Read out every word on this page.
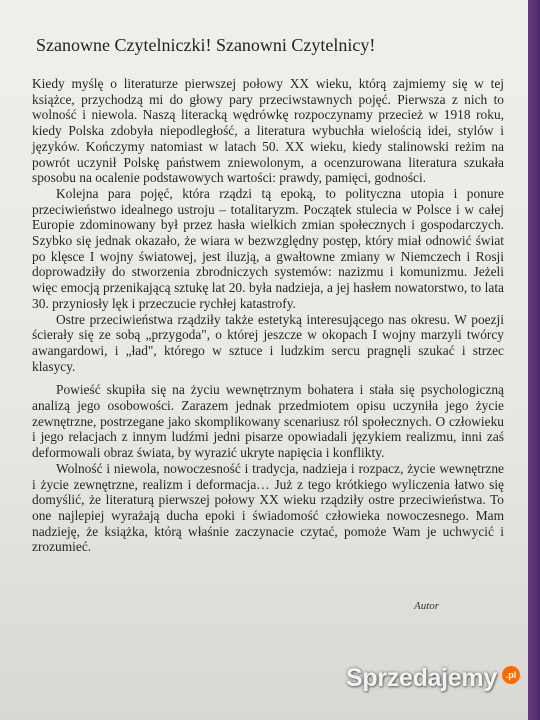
Szanowne Czytelniczki! Szanowni Czytelnicy!

Kiedy myślę o literaturze pierwszej połowy XX wieku, którą zajmiemy się w tej książce, przychodzą mi do głowy pary przeciwstawnych pojęć. Pierwsza z nich to wolność i niewola. Naszą literacką wędrówkę rozpoczynamy przecież w 1918 roku, kiedy Polska zdobyła niepodległość, a literatura wybuchła wielością idei, stylów i języków. Kończymy natomiast w latach 50. XX wieku, kiedy stalinowski reżim na powrót uczynił Polskę państwem zniewolonym, a ocenzurowana literatura szukała sposobu na ocalenie podstawowych wartości: prawdy, pamięci, godności.

Kolejna para pojęć, która rządzi tą epoką, to polityczna utopia i ponure przeciwieństwo idealnego ustroju – totalitaryzm. Początek stulecia w Polsce i w całej Europie zdominowany był przez hasła wielkich zmian społecznych i gospodarczych. Szybko się jednak okazało, że wiara w bezwzględny postęp, który miał odnowić świat po klęsce I wojny światowej, jest iluzją, a gwałtowne zmiany w Niemczech i Rosji doprowadziły do stworzenia zbrodniczych systemów: nazizmu i komunizmu. Jeżeli więc emocją przenikającą sztukę lat 20. była nadzieja, a jej hasłem nowatorstwo, to lata 30. przyniosły lęk i przeczucie rychłej katastrofy.

Ostre przeciwieństwa rządziły także estetyką interesującego nas okresu. W poezji ścierały się ze sobą „przygoda", o której jeszcze w okopach I wojny marzyli twórcy awangardowi, i „ład", którego w sztuce i ludzkim sercu pragnęli szukać i strzec klasycy.

Powieść skupiła się na życiu wewnętrznym bohatera i stała się psychologiczną analizą jego osobowości. Zarazem jednak przedmiotem opisu uczyniła jego życie zewnętrzne, postrzegane jako skomplikowany scenariusz ról społecznych. O człowieku i jego relacjach z innym ludźmi jedni pisarze opowiadali językiem realizmu, inni zaś deformowali obraz świata, by wyrazić ukryte napięcia i konflikty.

Wolność i niewola, nowoczesność i tradycja, nadzieja i rozpacz, życie wewnętrzne i życie zewnętrzne, realizm i deformacja… Już z tego krótkiego wyliczenia łatwo się domyślić, że literaturą pierwszej połowy XX wieku rządziły ostre przeciwieństwa. To one najlepiej wyrażają ducha epoki i świadomość człowieka nowoczesnego. Mam nadzieję, że książka, którą właśnie zaczynacie czytać, pomoże Wam je uchwycić i zrozumieć.

Autor
Sprzedajemy .pl
